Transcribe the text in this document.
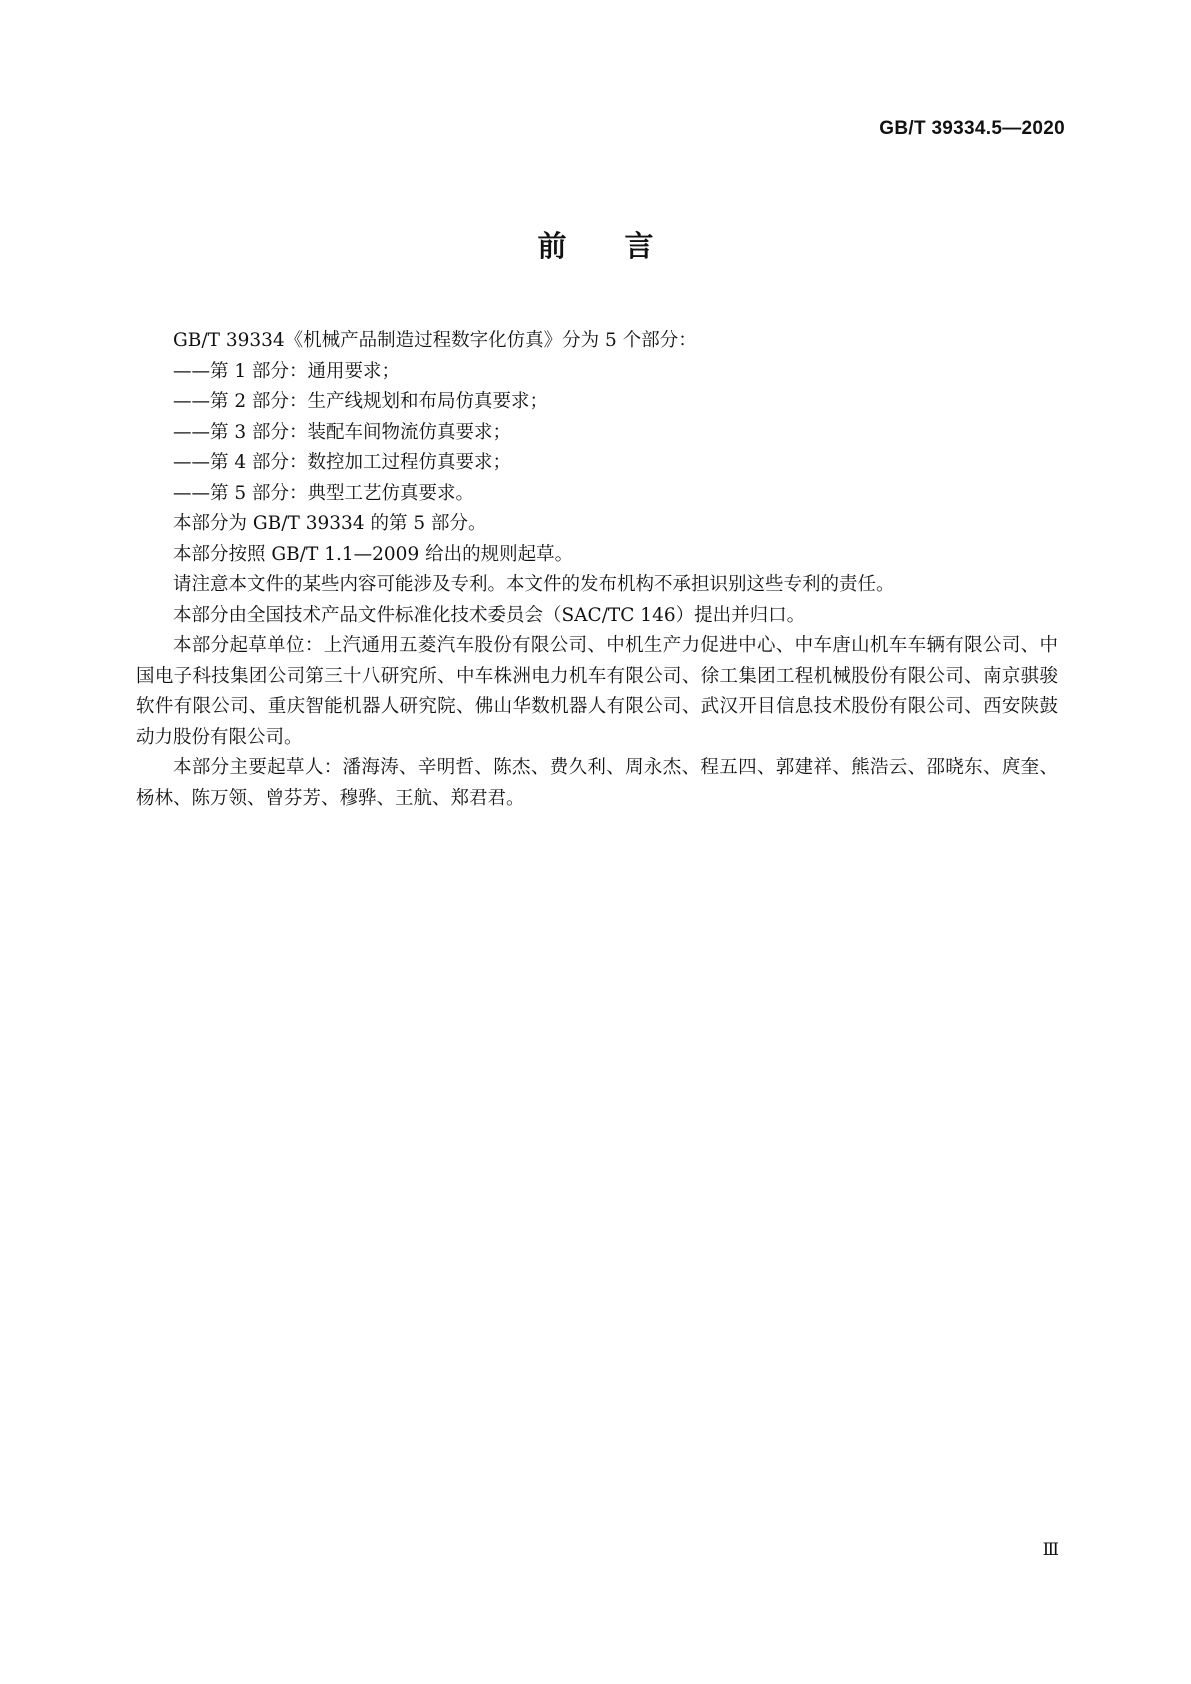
GB/T 39334.5—2020
前言

GB/T 39334《机械产品制造过程数字化仿真》分为 5 个部分：

——第 1 部分：通用要求；

——第 2 部分：生产线规划和布局仿真要求；

——第 3 部分：装配车间物流仿真要求；

——第 4 部分：数控加工过程仿真要求；

——第 5 部分：典型工艺仿真要求。

本部分为 GB/T 39334 的第 5 部分。

本部分按照 GB/T 1.1—2009 给出的规则起草。

请注意本文件的某些内容可能涉及专利。本文件的发布机构不承担识别这些专利的责任。

本部分由全国技术产品文件标准化技术委员会（SAC/TC 146）提出并归口。

本部分起草单位：上汽通用五菱汽车股份有限公司、中机生产力促进中心、中车唐山机车车辆有限公司、中国电子科技集团公司第三十八研究所、中车株洲电力机车有限公司、徐工集团工程机械股份有限公司、南京骐骏软件有限公司、重庆智能机器人研究院、佛山华数机器人有限公司、武汉开目信息技术股份有限公司、西安陕鼓动力股份有限公司。

本部分主要起草人：潘海涛、辛明哲、陈杰、费久利、周永杰、程五四、郭建祥、熊浩云、邵晓东、庹奎、杨林、陈万领、曾芬芳、穆骅、王航、郑君君。

Ⅲ
